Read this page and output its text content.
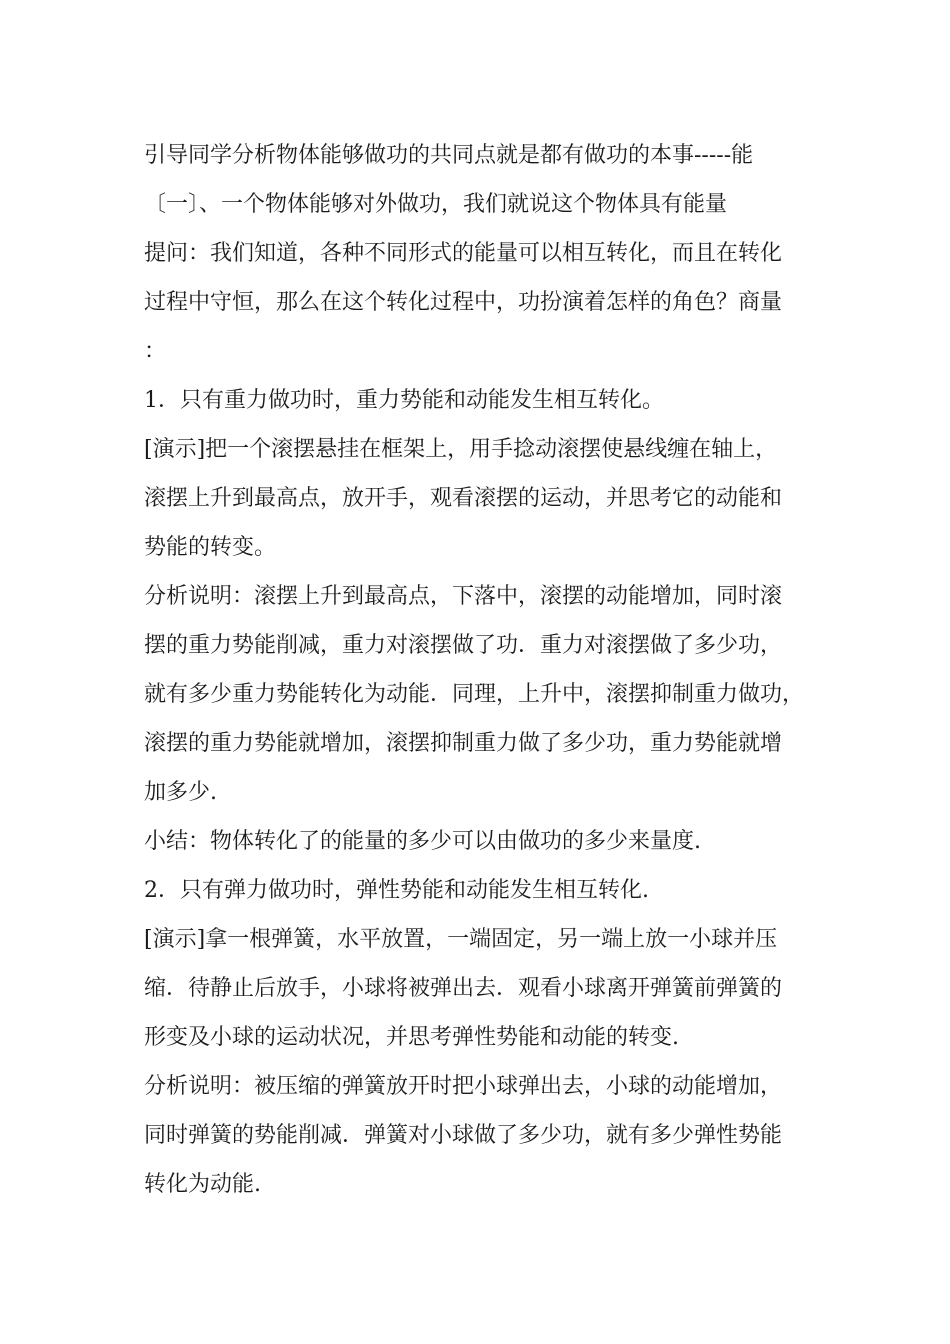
引导同学分析物体能够做功的共同点就是都有做功的本事-----能
〔一〕、一个物体能够对外做功，我们就说这个物体具有能量
提问：我们知道，各种不同形式的能量可以相互转化，而且在转化
过程中守恒，那么在这个转化过程中，功扮演着怎样的角色？商量
：
1．只有重力做功时，重力势能和动能发生相互转化。
[演示]把一个滚摆悬挂在框架上，用手捻动滚摆使悬线缠在轴上，
滚摆上升到最高点，放开手，观看滚摆的运动，并思考它的动能和
势能的转变。
分析说明：滚摆上升到最高点，下落中，滚摆的动能增加，同时滚
摆的重力势能削减，重力对滚摆做了功．重力对滚摆做了多少功，
就有多少重力势能转化为动能．同理，上升中，滚摆抑制重力做功，
滚摆的重力势能就增加，滚摆抑制重力做了多少功，重力势能就增
加多少.
小结：物体转化了的能量的多少可以由做功的多少来量度.
2．只有弹力做功时，弹性势能和动能发生相互转化.
[演示]拿一根弹簧，水平放置，一端固定，另一端上放一小球并压
缩．待静止后放手，小球将被弹出去．观看小球离开弹簧前弹簧的
形变及小球的运动状况，并思考弹性势能和动能的转变.
分析说明：被压缩的弹簧放开时把小球弹出去，小球的动能增加，
同时弹簧的势能削减．弹簧对小球做了多少功，就有多少弹性势能
转化为动能.
